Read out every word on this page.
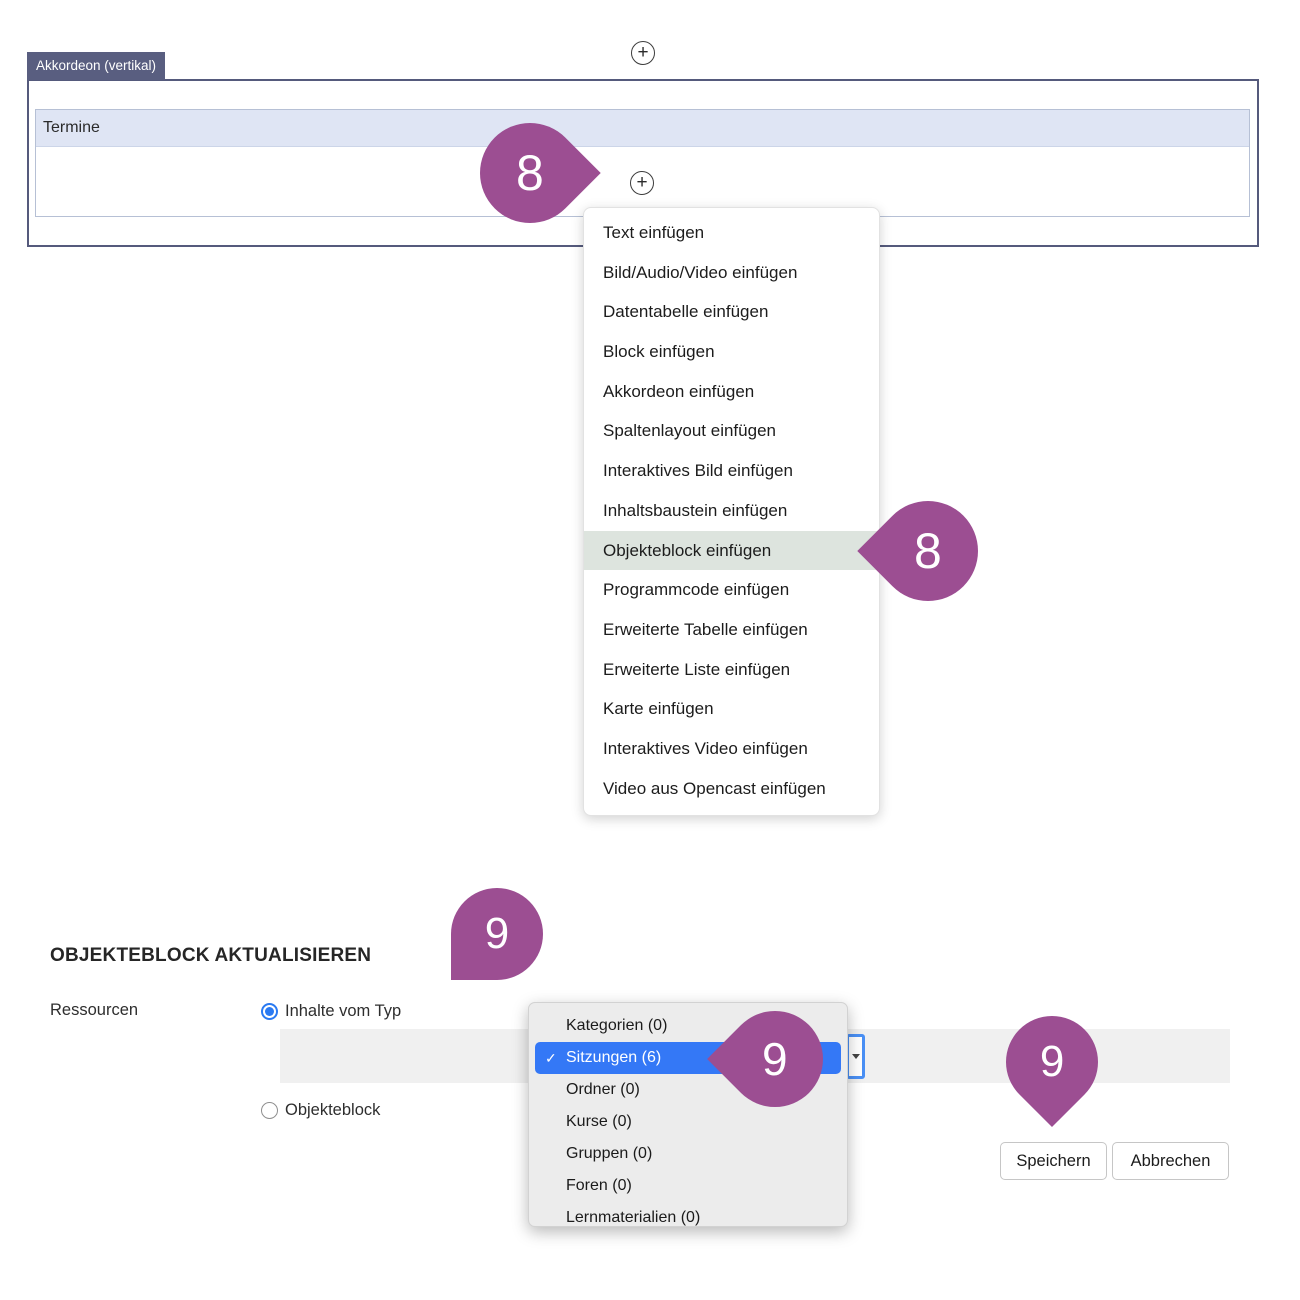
+
Akkordeon (vertikal)
Termine
+
Text einfügen
Bild/Audio/Video einfügen
Datentabelle einfügen
Block einfügen
Akkordeon einfügen
Spaltenlayout einfügen
Interaktives Bild einfügen
Inhaltsbaustein einfügen
Objekteblock einfügen
Programmcode einfügen
Erweiterte Tabelle einfügen
Erweiterte Liste einfügen
Karte einfügen
Interaktives Video einfügen
Video aus Opencast einfügen
OBJEKTEBLOCK AKTUALISIEREN
Ressourcen	Inhalte vom Typ
Objekteblock
Kategorien (0)
✓ Sitzungen (6)
Ordner (0)
Kurse (0)
Gruppen (0)
Foren (0)
Lernmaterialien (0)
Speichern	Abbrechen
8
8
9
9	9
